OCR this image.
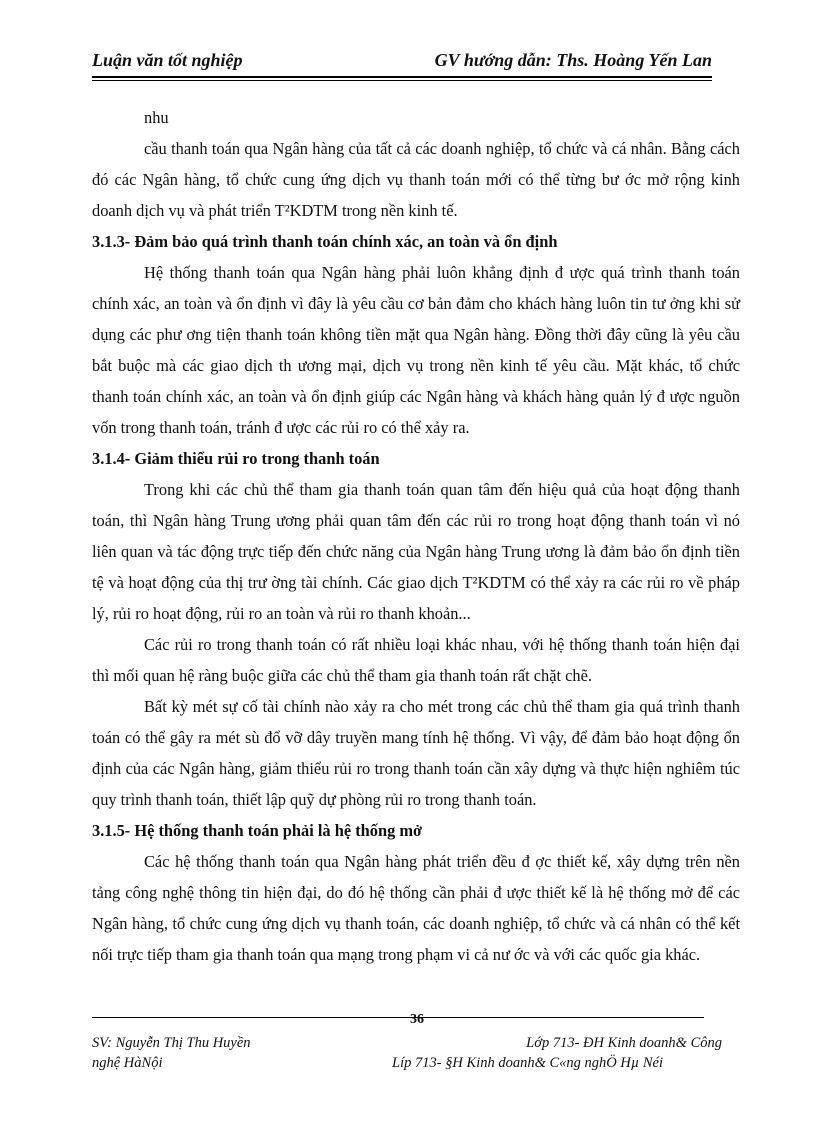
Luận văn tốt nghiệp	GV hướng dẫn: Ths. Hoàng Yến Lan

nhu

cầu thanh toán qua Ngân hàng của tất cả các doanh nghiệp, tổ chức và cá nhân. Bằng cách đó các Ngân hàng, tổ chức cung ứng dịch vụ thanh toán mới có thể từng bư ớc mở rộng kinh doanh dịch vụ và phát triển T²KDTM trong nền kinh tế.

3.1.3- Đảm bảo quá trình thanh toán chính xác, an toàn và ổn định

Hệ thống thanh toán qua Ngân hàng phải luôn khẳng định đ ược quá trình thanh toán chính xác, an toàn và ổn định vì đây là yêu cầu cơ bản đảm cho khách hàng luôn tin tư ởng khi sử dụng các phư ơng tiện thanh toán không tiền mặt qua Ngân hàng. Đồng thời đây cũng là yêu cầu bắt buộc mà các giao dịch th ương mại, dịch vụ trong nền kinh tế yêu cầu. Mặt khác, tổ chức thanh toán chính xác, an toàn và ổn định giúp các Ngân hàng và khách hàng quản lý đ ược nguồn vốn trong thanh toán, tránh đ ược các rủi ro có thể xảy ra.

3.1.4- Giảm thiểu rủi ro trong thanh toán

Trong khi các chủ thể tham gia thanh toán quan tâm đến hiệu quả của hoạt động thanh toán, thì Ngân hàng Trung ương phải quan tâm đến các rủi ro trong hoạt động thanh toán vì nó liên quan và tác động trực tiếp đến chức năng của Ngân hàng Trung ương là đảm bảo ổn định tiền tệ và hoạt động của thị trư ờng tài chính. Các giao dịch T²KDTM có thể xảy ra các rủi ro về pháp lý, rủi ro hoạt động, rủi ro an toàn và rủi ro thanh khoản...

Các rủi ro trong thanh toán có rất nhiều loại khác nhau, với hệ thống thanh toán hiện đại thì mối quan hệ ràng buộc giữa các chủ thể tham gia thanh toán rất chặt chẽ.

Bất kỳ mét sự cố tài chính nào xảy ra cho mét trong các chủ thể tham gia quá trình thanh toán có thể gây ra mét sù đổ vỡ dây truyền mang tính hệ thống. Vì vậy, để đảm bảo hoạt động ổn định của các Ngân hàng, giảm thiểu rủi ro trong thanh toán cần xây dựng và thực hiện nghiêm túc quy trình thanh toán, thiết lập quỹ dự phòng rủi ro trong thanh toán.

3.1.5- Hệ thống thanh toán phải là hệ thống mở

Các hệ thống thanh toán qua Ngân hàng phát triển đều đ ợc thiết kế, xây dựng trên nền tảng công nghệ thông tin hiện đại, do đó hệ thống cần phải đ ược thiết kế là hệ thống mở để các Ngân hàng, tổ chức cung ứng dịch vụ thanh toán, các doanh nghiệp, tổ chức và cá nhân có thể kết nối trực tiếp tham gia thanh toán qua mạng trong phạm vi cả nư ớc và với các quốc gia khác.

36
SV: Nguyễn Thị Thu Huyền	Lớp 713- ĐH Kinh doanh& Công
nghệ HàNội	Líp 713- §H Kinh doanh& C«ng nghÖ Hµ Néi
